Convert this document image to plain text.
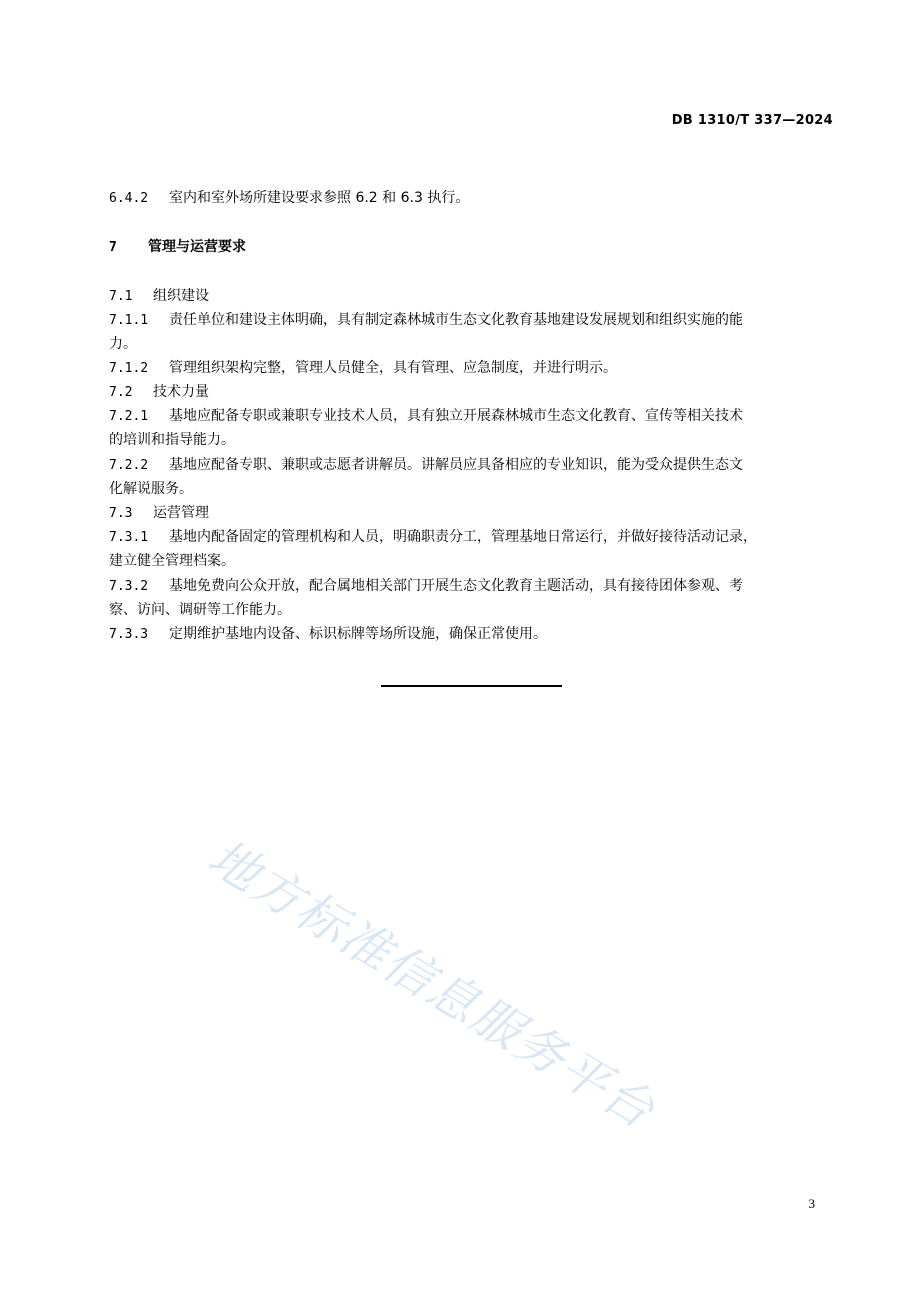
DB 1310/T 337—2024
6.4.2 室内和室外场所建设要求参照 6.2 和 6.3 执行。
7 管理与运营要求
7.1 组织建设
7.1.1 责任单位和建设主体明确，具有制定森林城市生态文化教育基地建设发展规划和组织实施的能
力。
7.1.2 管理组织架构完整，管理人员健全，具有管理、应急制度，并进行明示。
7.2 技术力量
7.2.1 基地应配备专职或兼职专业技术人员，具有独立开展森林城市生态文化教育、宣传等相关技术
的培训和指导能力。
7.2.2 基地应配备专职、兼职或志愿者讲解员。讲解员应具备相应的专业知识，能为受众提供生态文
化解说服务。
7.3 运营管理
7.3.1 基地内配备固定的管理机构和人员，明确职责分工，管理基地日常运行，并做好接待活动记录，
建立健全管理档案。
7.3.2 基地免费向公众开放，配合属地相关部门开展生态文化教育主题活动，具有接待团体参观、考
察、访问、调研等工作能力。
7.3.3 定期维护基地内设备、标识标牌等场所设施，确保正常使用。
地方标准信息服务平台
3
